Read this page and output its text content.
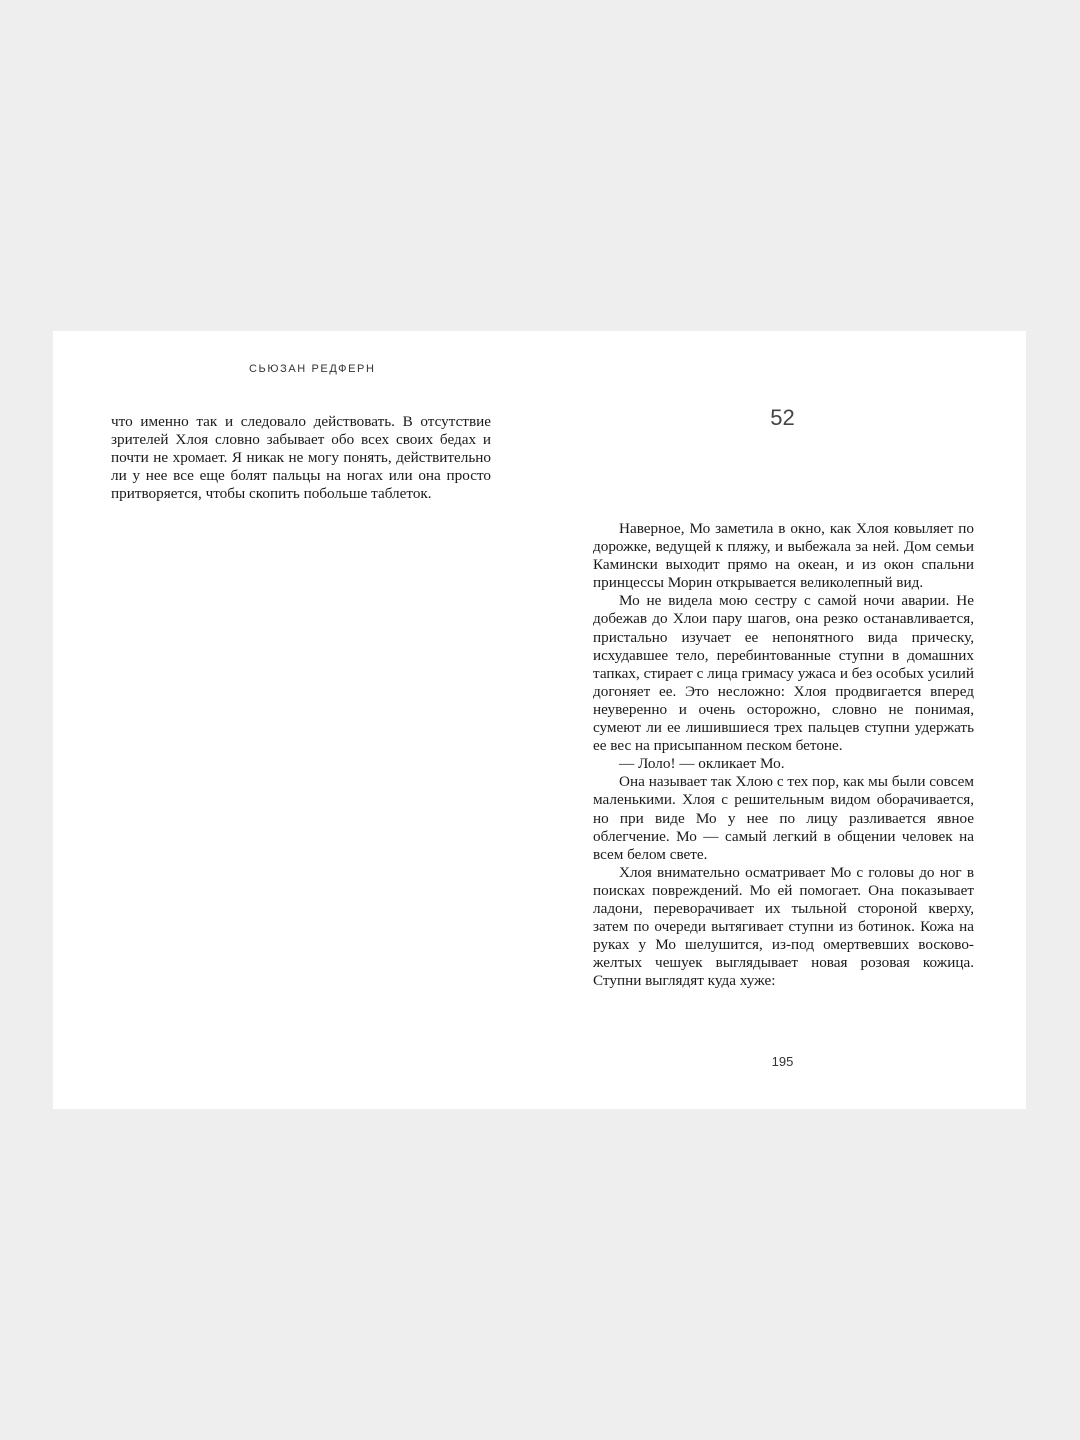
СЬЮЗАН РЕДФЕРН

что именно так и следовало действовать. В отсутствие зрителей Хлоя словно забывает обо всех своих бедах и почти не хромает. Я никак не могу понять, действительно ли у нее все еще болят пальцы на ногах или она просто притворяется, чтобы скопить побольше таблеток.

52

Наверное, Мо заметила в окно, как Хлоя ковыляет по дорожке, ведущей к пляжу, и выбежала за ней. Дом семьи Камински выходит прямо на океан, и из окон спальни принцессы Морин открывается великолепный вид.

Мо не видела мою сестру с самой ночи аварии. Не добежав до Хлои пару шагов, она резко останавливается, пристально изучает ее непонятного вида прическу, исхудавшее тело, перебинтованные ступни в домашних тапках, стирает с лица гримасу ужаса и без особых усилий догоняет ее. Это несложно: Хлоя продвигается вперед неуверенно и очень осторожно, словно не понимая, сумеют ли ее лишившиеся трех пальцев ступни удержать ее вес на присыпанном песком бетоне.

— Лоло! — окликает Мо.

Она называет так Хлою с тех пор, как мы были совсем маленькими. Хлоя с решительным видом оборачивается, но при виде Мо у нее по лицу разливается явное облегчение. Мо — самый легкий в общении человек на всем белом свете.

Хлоя внимательно осматривает Мо с головы до ног в поисках повреждений. Мо ей помогает. Она показывает ладони, переворачивает их тыльной стороной кверху, затем по очереди вытягивает ступни из ботинок. Кожа на руках у Мо шелушится, из-под омертвевших восково-желтых чешуек выглядывает новая розовая кожица. Ступни выглядят куда хуже:

195
